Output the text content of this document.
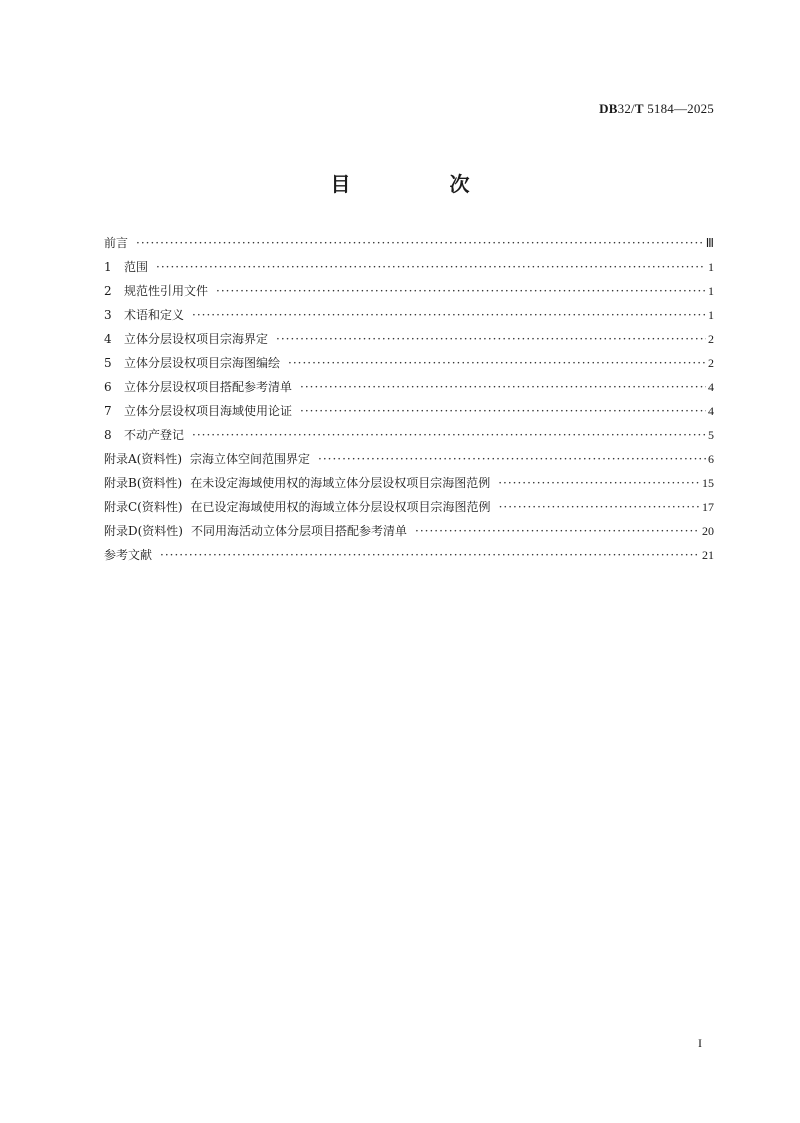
DB32/T 5184—2025
目 次
前言 ·····	Ⅲ
1 范围 ·····	1
2 规范性引用文件 ·····	1
3 术语和定义 ·····	1
4 立体分层设权项目宗海界定 ·····	2
5 立体分层设权项目宗海图编绘 ·····	2
6 立体分层设权项目搭配参考清单 ·····	4
7 立体分层设权项目海域使用论证 ·····	4
8 不动产登记 ·····	5
附录A(资料性) 宗海立体空间范围界定 ·····	6
附录B(资料性) 在未设定海域使用权的海域立体分层设权项目宗海图范例 ·····	15
附录C(资料性) 在已设定海域使用权的海域立体分层设权项目宗海图范例 ·····	17
附录D(资料性) 不同用海活动立体分层项目搭配参考清单 ·····	20
参考文献 ·····	21
I
